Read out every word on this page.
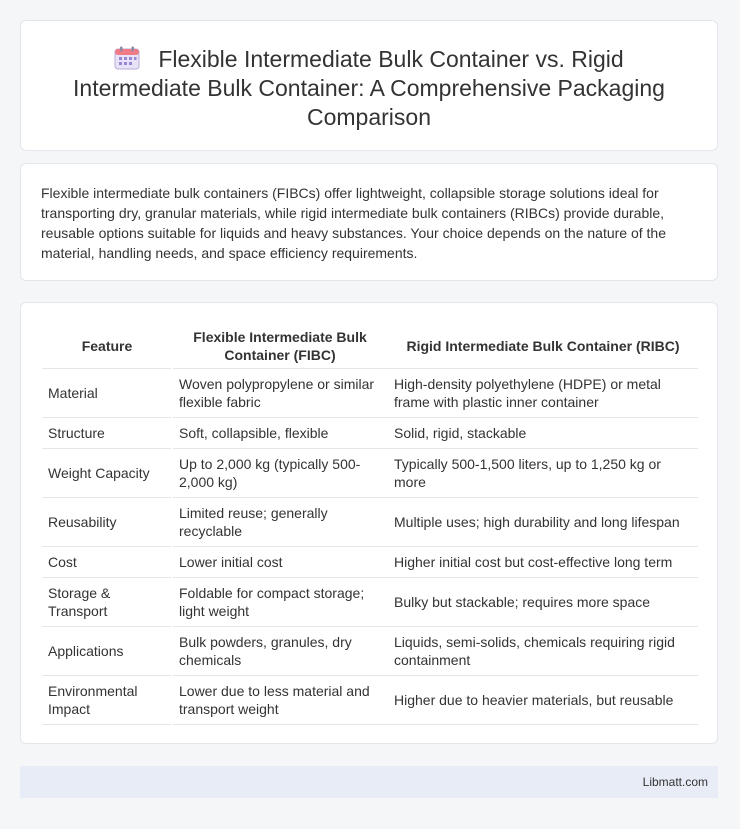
Flexible Intermediate Bulk Container vs. Rigid Intermediate Bulk Container: A Comprehensive Packaging Comparison

Flexible intermediate bulk containers (FIBCs) offer lightweight, collapsible storage solutions ideal for transporting dry, granular materials, while rigid intermediate bulk containers (RIBCs) provide durable, reusable options suitable for liquids and heavy substances. Your choice depends on the nature of the material, handling needs, and space efficiency requirements.

Feature	Flexible Intermediate Bulk Container (FIBC)	Rigid Intermediate Bulk Container (RIBC)
Material	Woven polypropylene or similar flexible fabric	High-density polyethylene (HDPE) or metal frame with plastic inner container
Structure	Soft, collapsible, flexible	Solid, rigid, stackable
Weight Capacity	Up to 2,000 kg (typically 500-2,000 kg)	Typically 500-1,500 liters, up to 1,250 kg or more
Reusability	Limited reuse; generally recyclable	Multiple uses; high durability and long lifespan
Cost	Lower initial cost	Higher initial cost but cost-effective long term
Storage & Transport	Foldable for compact storage; light weight	Bulky but stackable; requires more space
Applications	Bulk powders, granules, dry chemicals	Liquids, semi-solids, chemicals requiring rigid containment
Environmental Impact	Lower due to less material and transport weight	Higher due to heavier materials, but reusable
Libmatt.com
